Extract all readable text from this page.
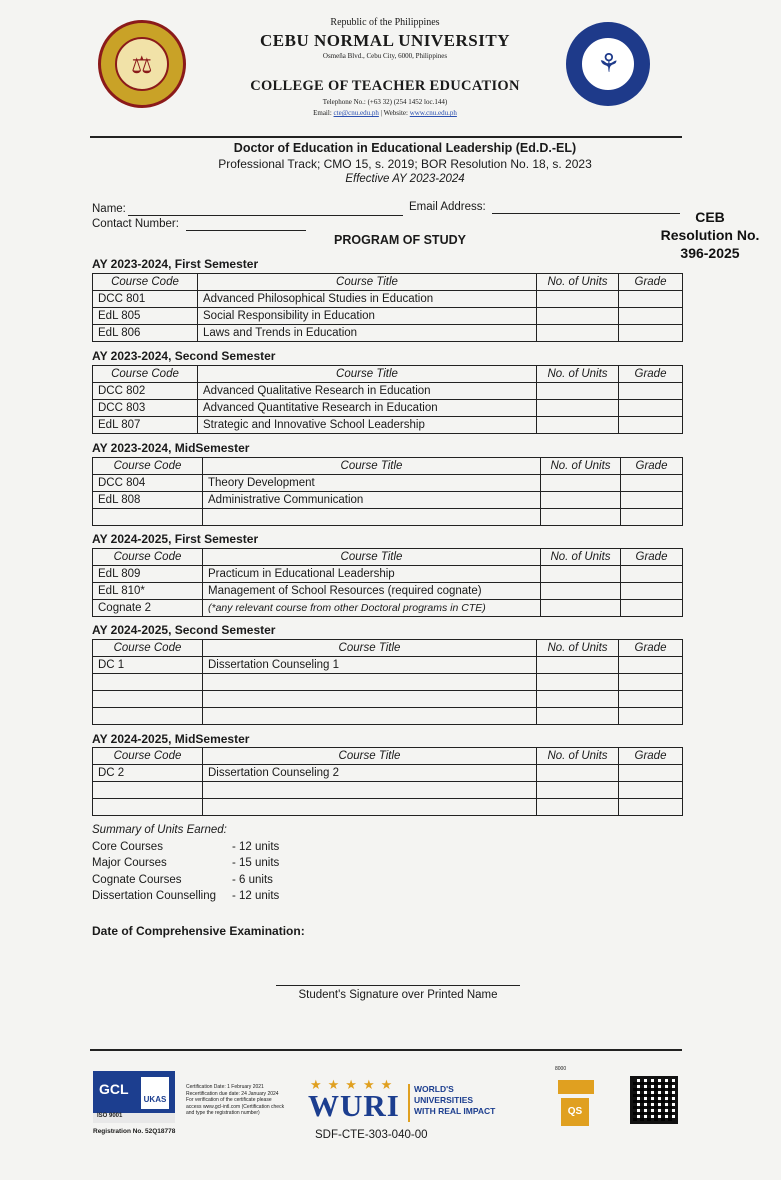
⚖	⚘
Republic of the Philippines
CEBU NORMAL UNIVERSITY
Osmeña Blvd., Cebu City, 6000, Philippines
COLLEGE OF TEACHER EDUCATION
Telephone No.: (+63 32) (254 1452 loc.144)
Email: cte@cnu.edu.ph | Website: www.cnu.edu.ph
Doctor of Education in Educational Leadership (Ed.D.-EL)
Professional Track; CMO 15, s. 2019; BOR Resolution No. 18, s. 2023
Effective AY 2023-2024
Name:	Email Address:
Contact Number:	CEB
Resolution No.
396-2025
PROGRAM OF STUDY
AY 2023-2024, First Semester
Course Code	Course Title	No. of Units	Grade
DCC 801	Advanced Philosophical Studies in Education		
EdL 805	Social Responsibility in Education		
EdL 806	Laws and Trends in Education		
AY 2023-2024, Second Semester
Course Code	Course Title	No. of Units	Grade
DCC 802	Advanced Qualitative Research in Education		
DCC 803	Advanced Quantitative Research in Education		
EdL 807	Strategic and Innovative School Leadership		
AY 2023-2024, MidSemester
Course Code	Course Title	No. of Units	Grade
DCC 804	Theory Development		
EdL 808	Administrative Communication		

AY 2024-2025, First Semester
Course Code	Course Title	No. of Units	Grade
EdL 809	Practicum in Educational Leadership		
EdL 810*	Management of School Resources (required cognate)		
Cognate 2	(*any relevant course from other Doctoral programs in CTE)		
AY 2024-2025, Second Semester
Course Code	Course Title	No. of Units	Grade
DC 1	Dissertation Counseling 1		

AY 2024-2025, MidSemester
Course Code	Course Title	No. of Units	Grade
DC 2	Dissertation Counseling 2		

Summary of Units Earned:
Core Courses	- 12 units
Major Courses	- 15 units
Cognate Courses	- 6 units
Dissertation Counselling - 12 units
Date of Comprehensive Examination:
Student's Signature over Printed Name
GCL
UKAS
ISO 9001
Registration No. 52Q18778
Certification Date: 1 February 2021 Recertification due date: 24 January 2024 For verification of the certificate please access www.gcl-intl.com (Certification check and type the registration number)
★★★★★
WURI WORLD'S
UNIVERSITIES
WITH REAL IMPACT
SDF-CTE-303-040-00
8000
QS
